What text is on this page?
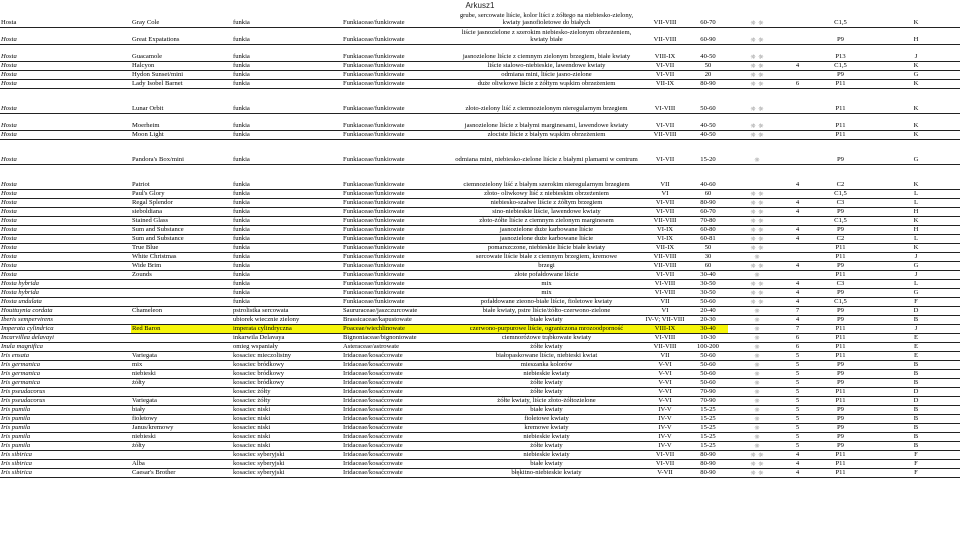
Arkusz1
Hosta	Gray Cole	funkia	Funkiaceae/funkiowate	grube, sercowate liście, kolor liści z żółtego na niebiesko-zielony, kwiaty jasnofioletowe do białych	VII-VIII	60-70	☼ ☼		C1,5	K
Hosta	Great Expatations	funkia	Funkiaceae/funkiowate	liście jasnozielone z szerokim niebiesko-zielonym obrzeżeniem, kwiaty białe	VII-VIII	60-90	☼ ☼		P9	H
Hosta	Guacamole	funkia	Funkiaceae/funkiowate	jasnozielone liście z ciemnym zielonym brzegiem, białe kwiaty	VIII-IX	40-50	☼ ☼		P13	J
Hosta	Halcyon	funkia	Funkiaceae/funkiowate	liście stalowo-niebieskie, lawendowe kwiaty	VI-VII	50	☼ ☼	4	C1,5	K
Hosta	Hydon Sunset/mini	funkia	Funkiaceae/funkiowate	odmiana mini, liście jasno-zielone	VI-VII	20	☼ ☼		P9	G
Hosta	Lady Isobel Barnet	funkia	Funkiaceae/funkiowate	duże oliwkowe liście z żółtym wąskim obrzeżeniem	VII-IX	80-90	☼ ☼	6	P11	K
Hosta	Lunar Orbit	funkia	Funkiaceae/funkiowate	złoto-zielony liść z ciemnozielonym nieregularnym brzegiem	VI-VIII	50-60	☼ ☼		P11	K
Hosta	Moerheim	funkia	Funkiaceae/funkiowate	jasnozielone liście z białymi marginesami, lawendowe kwiaty	VI-VII	40-50	☼ ☼		P11	K
Hosta	Moon Light	funkia	Funkiaceae/funkiowate	złociste liście z białym wąskim obrzeżeniem	VII-VIII	40-50	☼ ☼		P11	K
Hosta	Pandora's Box/mini	funkia	Funkiaceae/funkiowate	odmiana mini, niebiesko-zielone liście z białymi plamami w centrum	VI-VII	15-20	☼		P9	G
Hosta	Patriot	funkia	Funkiaceae/funkiowate	ciemnozielony liść z białym szerokim nieregularnym brzegiem	VII	40-60		4	C2	K
Hosta	Paul's Glory	funkia	Funkiaceae/funkiowate	złoto- oliwkowy liść z niebieskim obrzeżeniem	VI	60	☼ ☼		C1,5	L
Hosta	Regal Splendor	funkia	Funkiaceae/funkiowate	niebiesko-szałwe liście z żółtym brzegiem	VI-VII	80-90	☼ ☼	4	C3	L
Hosta	sieboldiana	funkia	Funkiaceae/funkiowate	sino-niebieskie liście, lawendowe kwiaty	VI-VII	60-70	☼ ☼	4	P9	H
Hosta	Stained Glass	funkia	Funkiaceae/funkiowate	złoto-żółte liście z ciemnym zielonym marginesem	VII-VIII	70-80	☼ ☼		C1,5	K
Hosta	Sum and Substance	funkia	Funkiaceae/funkiowate	jasnozielone duże karbowane liście	VI-IX	60-80	☼ ☼	4	P9	H
Hosta	Sum and Substance	funkia	Funkiaceae/funkiowate	jasnozielone duże karbowane liście	VI-IX	60-81	☼ ☼	4	C2	L
Hosta	True Blue	funkia	Funkiaceae/funkiowate	pomarszczone, niebieskie liście białe kwiaty	VII-IX	50	☼ ☼		P11	K
Hosta	White Christmas	funkia	Funkiaceae/funkiowate	sercowate liście białe z ciemnym brzegiem, kremowe	VII-VIII	30	☼		P11	J
Hosta	Wide Brim	funkia	Funkiaceae/funkiowate	brzegi	VII-VIII	60	☼ ☼	4	P9	G
Hosta	Zounds	funkia	Funkiaceae/funkiowate	złote pofałdowane liście	VI-VII	30-40	☼		P11	J
Hosta hybrida		funkia	Funkiaceae/funkiowate	mix	VI-VIII	30-50	☼ ☼	4	C3	L
Hosta hybrida		funkia	Funkiaceae/funkiowate	mix	VI-VIII	30-50	☼ ☼	4	P9	G
Hosta undulata		funkia	Funkiaceae/funkiowate	pofałdowane zieono-białe liście, fioletowe kwiaty	VII	50-60	☼ ☼	4	C1,5	F
Houttuynia cordata	Chameleon	pstrolistka sercowata	Saururaceae/jaszczurcowate	białe kwiaty, pstre liście/żółto-czerwono-zielone	VI	20-40	☼	7	P9	D
Iberis sempervirens		ubiorek wiecznie zielony	Brassicaceae/kapustowate	białe kwiaty	IV-V; VII-VIII	20-30	☼	4	P9	B
Imperata cylindrica	Red Baron	imperata cylindryczna	Poaceae/wiechlinowate	czerwono-purpurowe liście, ograniczona mrozoodporność	VIII-IX	30-40	☼	7	P11	J
Incarvillea delavayi		inkarwila Delavaya	Bignoniaceae/bignoniowate	ciemnoróżowe trąbkowate kwiaty	VI-VIII	10-30	☼	6	P11	E
Inula magnifica		omieg wspaniały	Asteraceae/astrowate	żółte kwiaty	VII-VIII	100-200	☼	6	P11	E
Iris ensata	Variegata	kosaciec mieczolistny	Iridaceae/kosaćcowate	białopaskowane liście, niebieski kwiat	VII	50-60	☼	5	P11	E
Iris germanica	mix	kosaciec bródkowy	Iridaceae/kosaćcowate	mieszanka kolorów	V-VI	50-60	☼	5	P9	B
Iris germanica	niebieski	kosaciec bródkowy	Iridaceae/kosaćcowate	niebieskie kwiaty	V-VI	50-60	☼	5	P9	B
Iris germanica	żółty	kosaciec bródkowy	Iridaceae/kosaćcowate	żółte kwiaty	V-VI	50-60	☼	5	P9	B
Iris pseudacorus		kosaciec żółty	Iridaceae/kosaćcowate	żółte kwiaty	V-VI	70-90	☼	5	P11	D
Iris pseudacorus	Variegata	kosaciec żółty	Iridaceae/kosaćcowate	żółte kwiaty, liście złoto-żółtozielone	V-VI	70-90	☼	5	P11	D
Iris pumila	biały	kosaciec niski	Iridaceae/kosaćcowate	białe kwiaty	IV-V	15-25	☼	5	P9	B
Iris pumila	fioletowy	kosaciec niski	Iridaceae/kosaćcowate	fioletowe kwiaty	IV-V	15-25	☼	5	P9	B
Iris pumila	Janus/kremowy	kosaciec niski	Iridaceae/kosaćcowate	kremowe kwiaty	IV-V	15-25	☼	5	P9	B
Iris pumila	niebieski	kosaciec niski	Iridaceae/kosaćcowate	niebieskie kwiaty	IV-V	15-25	☼	5	P9	B
Iris pumila	żółty	kosaciec niski	Iridaceae/kosaćcowate	żółte kwiaty	IV-V	15-25	☼	5	P9	B
Iris sibirica		kosaciec syberyjski	Iridaceae/kosaćcowate	niebieskie kwiaty	VI-VII	80-90	☼ ☼	4	P11	F
Iris sibirica	Alba	kosaciec syberyjski	Iridaceae/kosaćcowate	białe kwiaty	VI-VII	80-90	☼ ☼	4	P11	F
Iris sibirica	Caesar's Brother	kosaciec syberyjski	Iridaceae/kosaćcowate	błękitno-niebieskie kwiaty	V-VII	80-90	☼ ☼	4	P11	F
